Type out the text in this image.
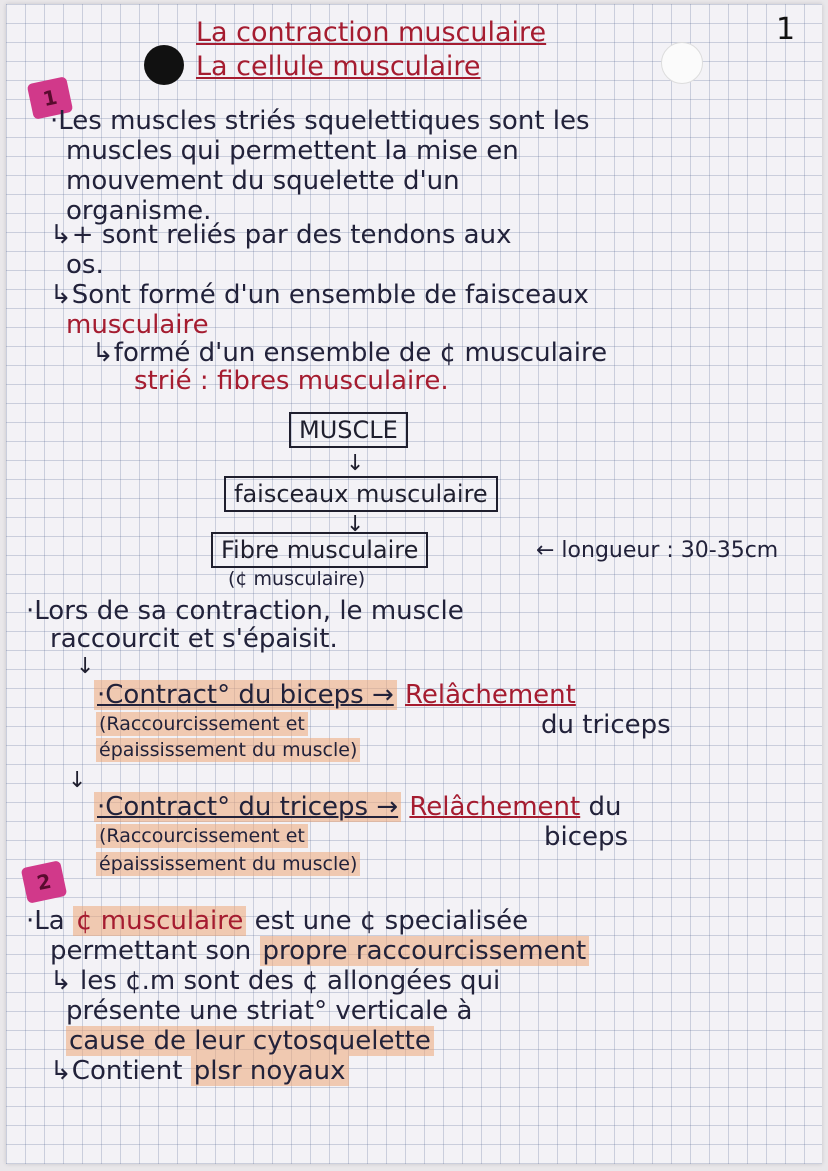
1
La contraction musculaire
La cellule musculaire
1
·Les muscles striés squelettiques sont les
muscles qui permettent la mise en
mouvement du squelette d'un
organisme.
↳+ sont reliés par des tendons aux
os.
↳Sont formé d'un ensemble de faisceaux
musculaire
↳formé d'un ensemble de ¢ musculaire
strié : fibres musculaire.
MUSCLE
↓
faisceaux musculaire
↓
Fibre musculaire
(¢ musculaire)
← longueur : 30-35cm
·Lors de sa contraction, le muscle
raccourcit et s'épaisit.
↓
·Contract° du biceps → Relâchement
du triceps
(Raccourcissement et
épaississement du muscle)
↓
·Contract° du triceps → Relâchement du
biceps
(Raccourcissement et
épaississement du muscle)
2
·La ¢ musculaire est une ¢ specialisée
permettant son propre raccourcissement
↳ les ¢.m sont des ¢ allongées qui
présente une striat° verticale à
cause de leur cytosquelette
↳Contient plsr noyaux
